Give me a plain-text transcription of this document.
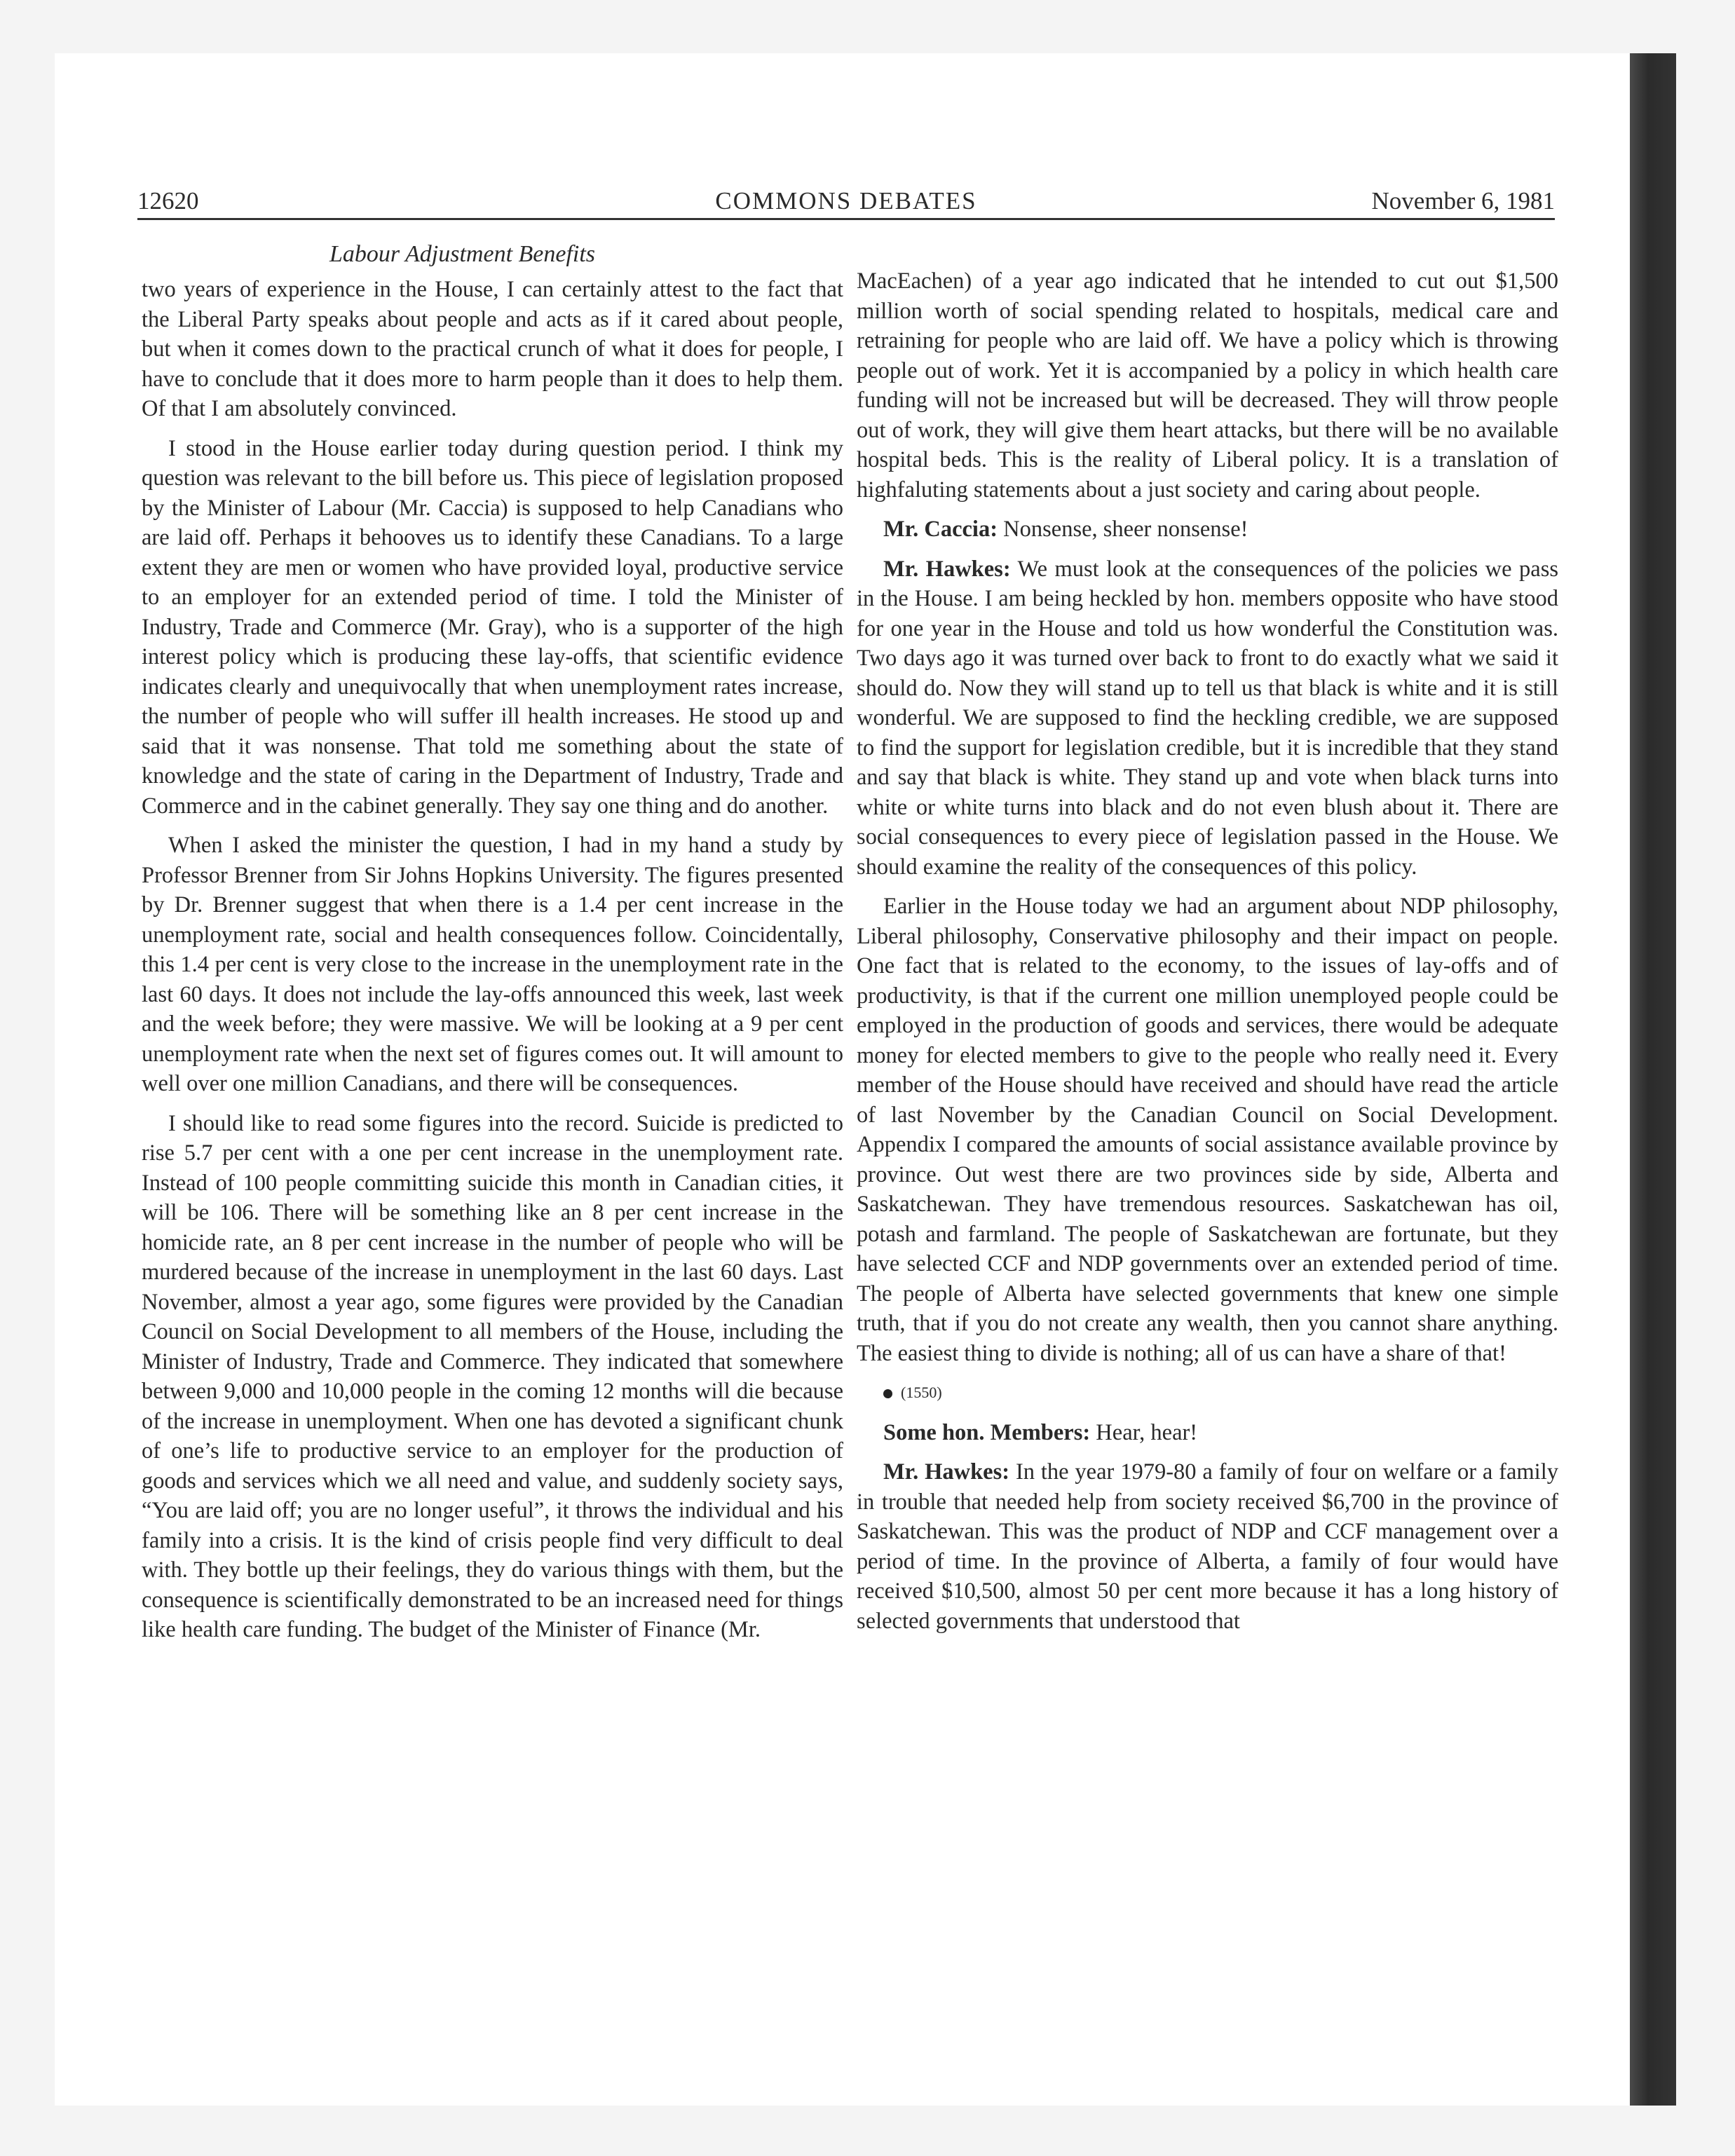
12620	COMMONS DEBATES	November 6, 1981
Labour Adjustment Benefits

two years of experience in the House, I can certainly attest to the fact that the Liberal Party speaks about people and acts as if it cared about people, but when it comes down to the practical crunch of what it does for people, I have to conclude that it does more to harm people than it does to help them. Of that I am absolutely convinced.

I stood in the House earlier today during question period. I think my question was relevant to the bill before us. This piece of legislation proposed by the Minister of Labour (Mr. Caccia) is supposed to help Canadians who are laid off. Perhaps it behooves us to identify these Canadians. To a large extent they are men or women who have provided loyal, productive service to an employer for an extended period of time. I told the Minister of Industry, Trade and Commerce (Mr. Gray), who is a supporter of the high interest policy which is producing these lay-offs, that scientific evidence indicates clearly and unequivocally that when unemployment rates increase, the number of people who will suffer ill health increases. He stood up and said that it was nonsense. That told me something about the state of knowledge and the state of caring in the Department of Industry, Trade and Commerce and in the cabinet generally. They say one thing and do another.

When I asked the minister the question, I had in my hand a study by Professor Brenner from Sir Johns Hopkins University. The figures presented by Dr. Brenner suggest that when there is a 1.4 per cent increase in the unemployment rate, social and health consequences follow. Coincidentally, this 1.4 per cent is very close to the increase in the unemployment rate in the last 60 days. It does not include the lay-offs announced this week, last week and the week before; they were massive. We will be looking at a 9 per cent unemployment rate when the next set of figures comes out. It will amount to well over one million Canadians, and there will be consequences.

I should like to read some figures into the record. Suicide is predicted to rise 5.7 per cent with a one per cent increase in the unemployment rate. Instead of 100 people committing suicide this month in Canadian cities, it will be 106. There will be something like an 8 per cent increase in the homicide rate, an 8 per cent increase in the number of people who will be murdered because of the increase in unemployment in the last 60 days. Last November, almost a year ago, some figures were provided by the Canadian Council on Social Development to all members of the House, including the Minister of Industry, Trade and Commerce. They indicated that somewhere between 9,000 and 10,000 people in the coming 12 months will die because of the increase in unemployment. When one has devoted a significant chunk of one’s life to productive service to an employer for the production of goods and services which we all need and value, and suddenly society says, “You are laid off; you are no longer useful”, it throws the individual and his family into a crisis. It is the kind of crisis people find very difficult to deal with. They bottle up their feelings, they do various things with them, but the consequence is scientifically demonstrated to be an increased need for things like health care funding. The budget of the Minister of Finance (Mr.

MacEachen) of a year ago indicated that he intended to cut out $1,500 million worth of social spending related to hospitals, medical care and retraining for people who are laid off. We have a policy which is throwing people out of work. Yet it is accompanied by a policy in which health care funding will not be increased but will be decreased. They will throw people out of work, they will give them heart attacks, but there will be no available hospital beds. This is the reality of Liberal policy. It is a translation of highfaluting statements about a just society and caring about people.

Mr. Caccia: Nonsense, sheer nonsense!

Mr. Hawkes: We must look at the consequences of the policies we pass in the House. I am being heckled by hon. members opposite who have stood for one year in the House and told us how wonderful the Constitution was. Two days ago it was turned over back to front to do exactly what we said it should do. Now they will stand up to tell us that black is white and it is still wonderful. We are supposed to find the heckling credible, we are supposed to find the support for legislation credible, but it is incredible that they stand and say that black is white. They stand up and vote when black turns into white or white turns into black and do not even blush about it. There are social consequences to every piece of legislation passed in the House. We should examine the reality of the consequences of this policy.

Earlier in the House today we had an argument about NDP philosophy, Liberal philosophy, Conservative philosophy and their impact on people. One fact that is related to the economy, to the issues of lay-offs and of productivity, is that if the current one million unemployed people could be employed in the production of goods and services, there would be adequate money for elected members to give to the people who really need it. Every member of the House should have received and should have read the article of last November by the Canadian Council on Social Development. Appendix I compared the amounts of social assistance available province by province. Out west there are two provinces side by side, Alberta and Saskatchewan. They have tremendous resources. Saskatchewan has oil, potash and farmland. The people of Saskatchewan are fortunate, but they have selected CCF and NDP governments over an extended period of time. The people of Alberta have selected governments that knew one simple truth, that if you do not create any wealth, then you cannot share anything. The easiest thing to divide is nothing; all of us can have a share of that!

(1550)

Some hon. Members: Hear, hear!

Mr. Hawkes: In the year 1979-80 a family of four on welfare or a family in trouble that needed help from society received $6,700 in the province of Saskatchewan. This was the product of NDP and CCF management over a period of time. In the province of Alberta, a family of four would have received $10,500, almost 50 per cent more because it has a long history of selected governments that understood that
